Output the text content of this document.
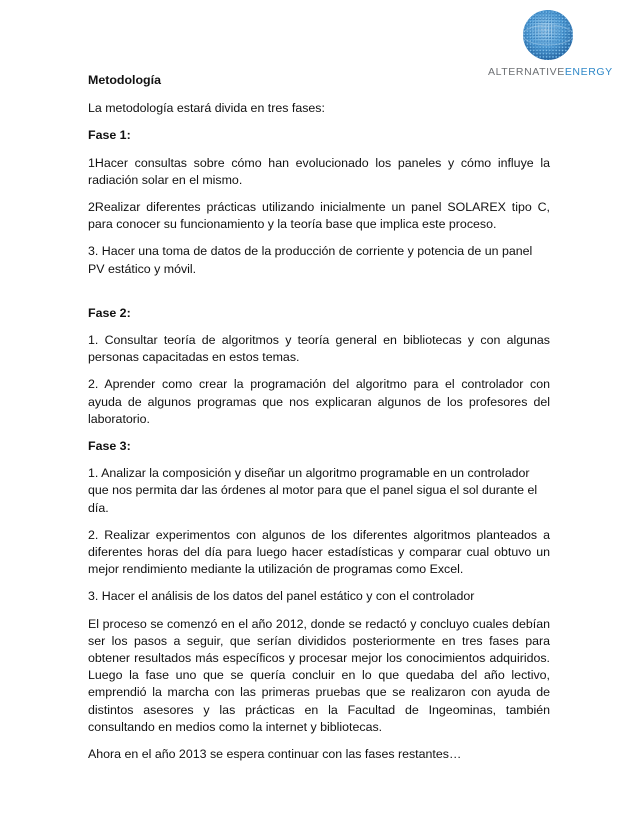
ALTERNATIVEENERGY

Metodología

La metodología estará divida en tres fases:

Fase 1:

1Hacer consultas sobre cómo han evolucionado los paneles y cómo influye la radiación solar en el mismo.

2Realizar diferentes prácticas utilizando inicialmente un panel SOLAREX tipo C, para conocer su funcionamiento y la teoría base que implica este proceso.

3. Hacer una toma de datos de la producción de corriente y potencia de un panel PV estático y móvil.

Fase 2:

1. Consultar teoría de algoritmos y teoría general en bibliotecas y con algunas personas capacitadas en estos temas.

2. Aprender como crear la programación del algoritmo para el controlador con ayuda de algunos programas que nos explicaran algunos de los profesores del laboratorio.

Fase 3:

1. Analizar la composición y diseñar un algoritmo programable en un controlador que nos permita dar las órdenes al motor para que el panel sigua el sol durante el día.

2. Realizar experimentos con algunos de los diferentes algoritmos planteados a diferentes horas del día para luego hacer estadísticas y comparar cual obtuvo un mejor rendimiento mediante la utilización de programas como Excel.

3. Hacer el análisis de los datos del panel estático y con el controlador

El proceso se comenzó en el año 2012, donde se redactó y concluyo cuales debían ser los pasos a seguir, que serían divididos posteriormente en tres fases para obtener resultados más específicos y procesar mejor los conocimientos adquiridos. Luego la fase uno que se quería concluir en lo que quedaba del año lectivo, emprendió la marcha con las primeras pruebas que se realizaron con ayuda de distintos asesores y las prácticas en la Facultad de Ingeominas, también consultando en medios como la internet y bibliotecas.

Ahora en el año 2013 se espera continuar con las fases restantes…
